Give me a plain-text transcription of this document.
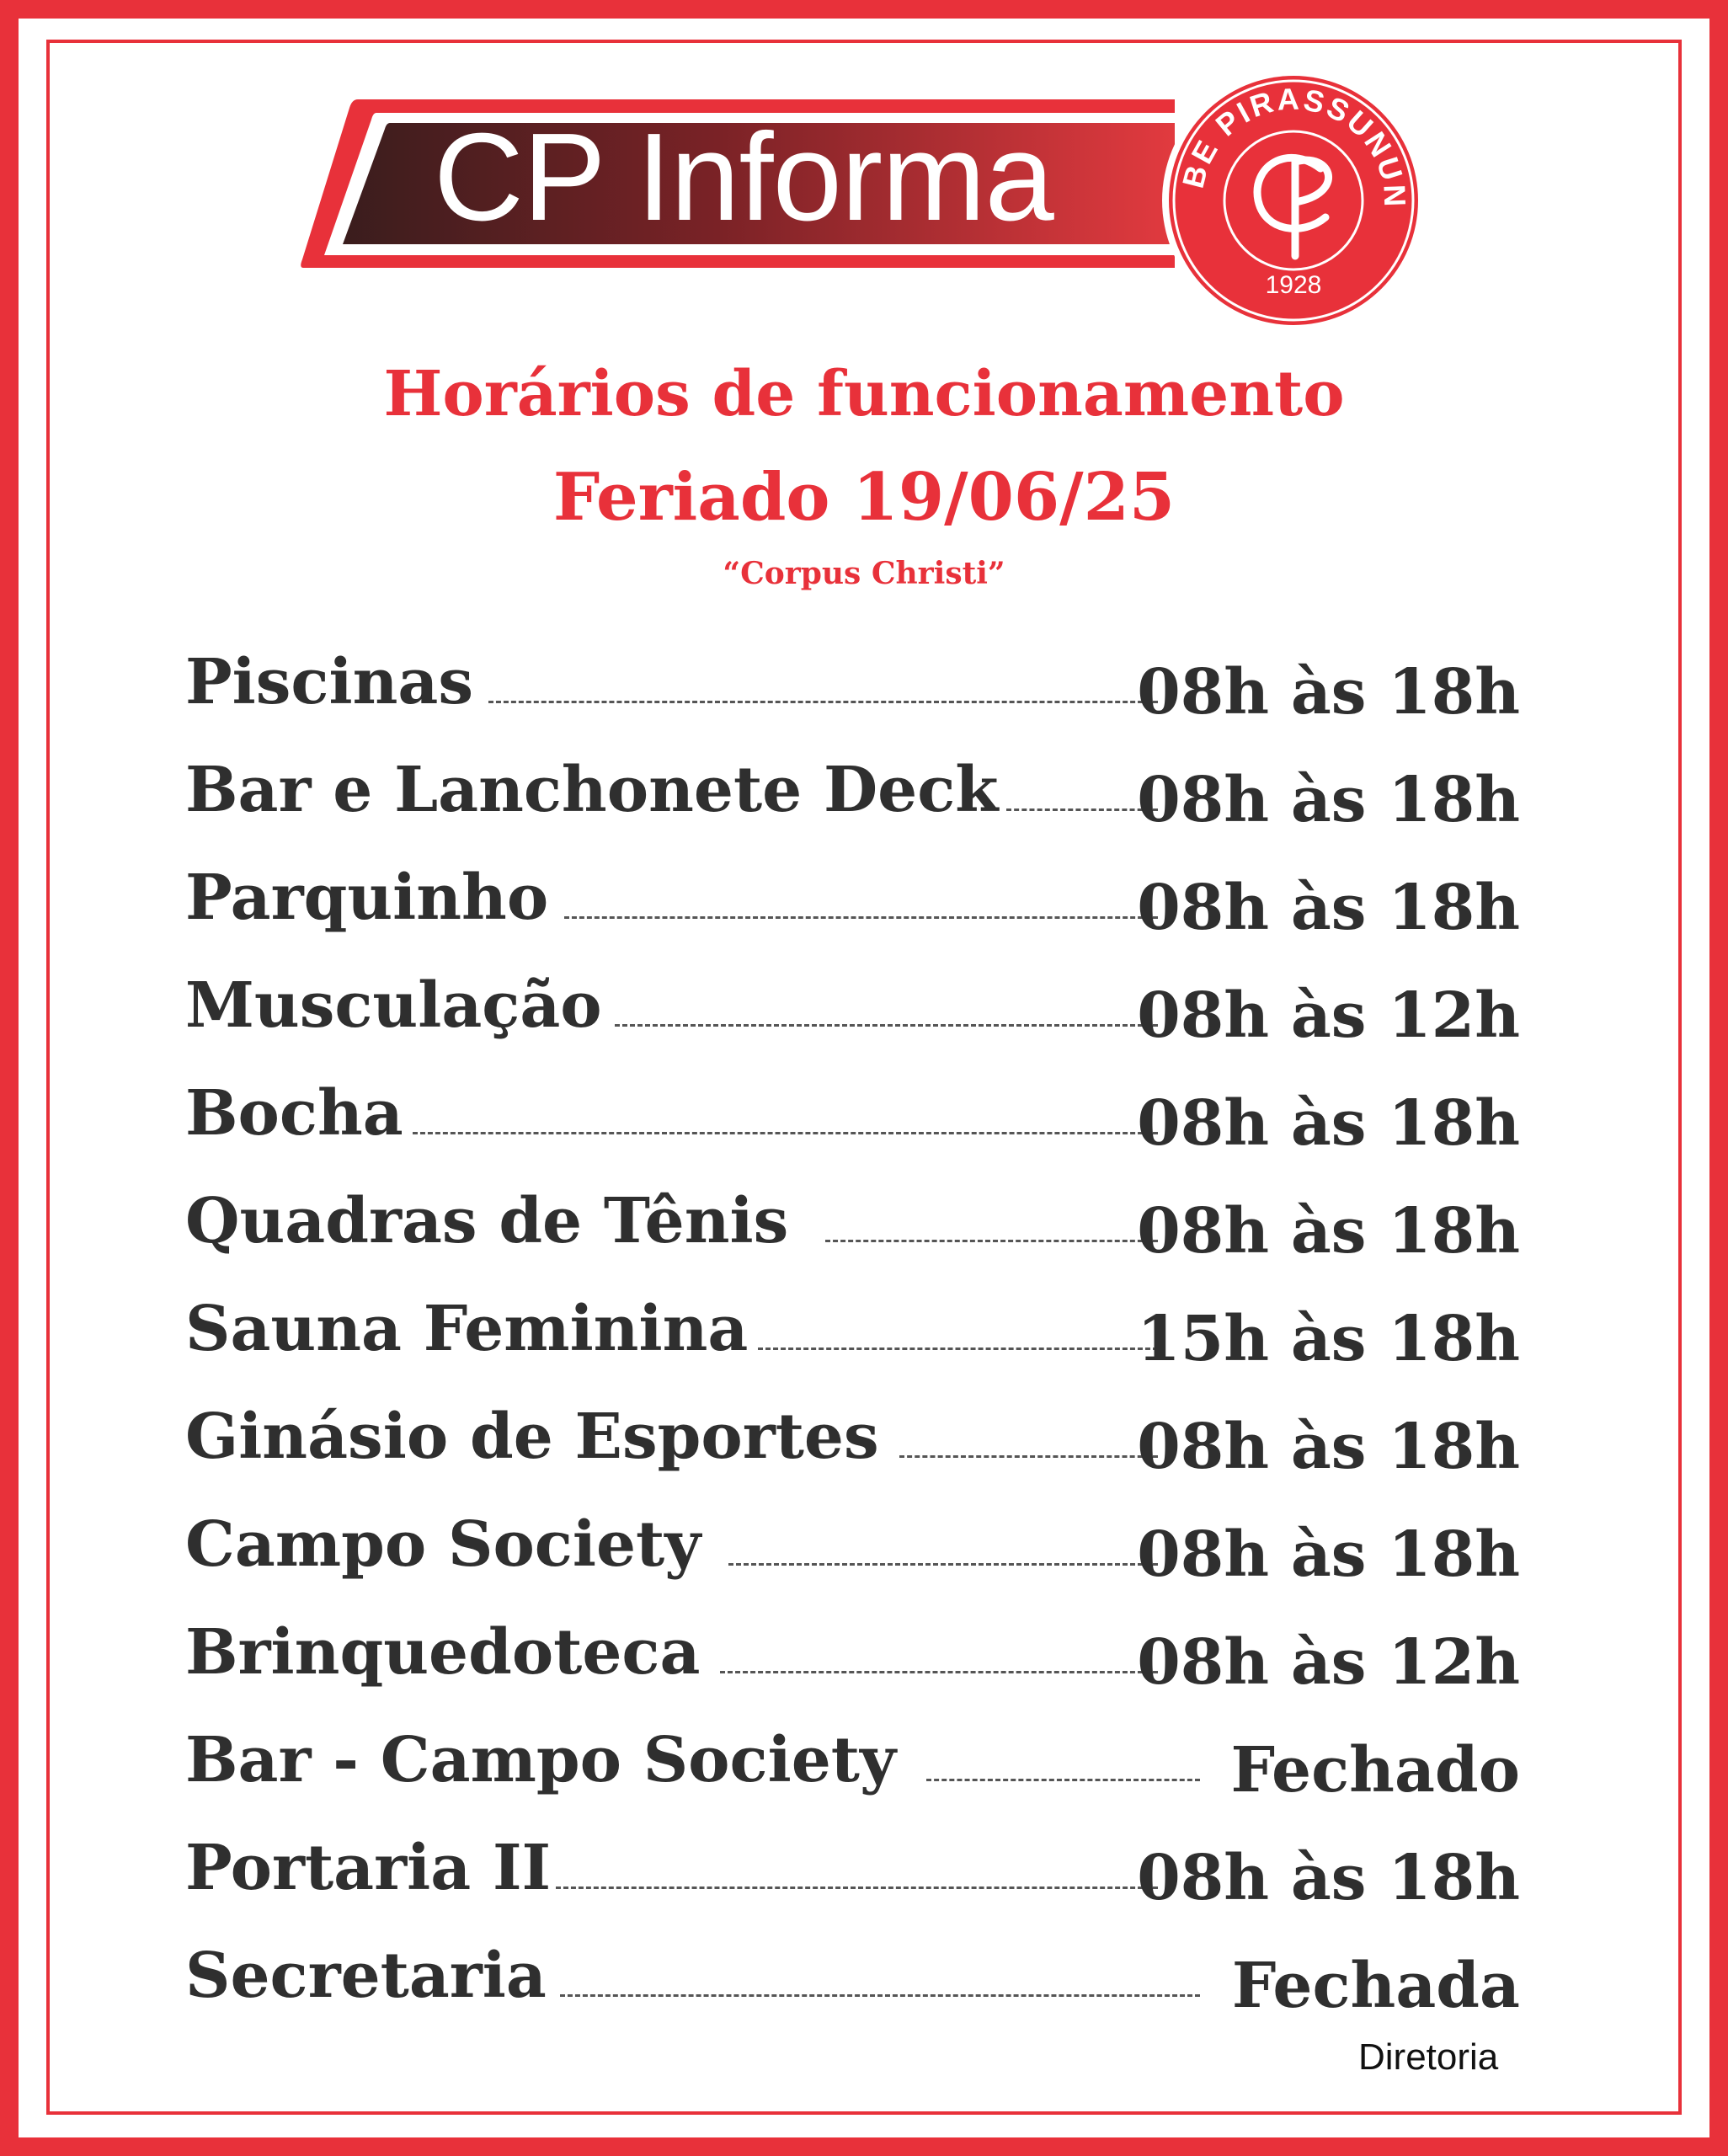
CP Informa	BE PIRASSUNUN
1928
Horários de funcionamento
Feriado 19/06/25
“Corpus Christi”
Piscinas	08h às 18h
Bar e Lanchonete Deck 08h às 18h
Parquinho	08h às 18h
Musculação	08h às 12h
Bocha	08h às 18h
Quadras de Tênis	08h às 18h
Sauna Feminina	15h às 18h
Ginásio de Esportes	08h às 18h
Campo Society	08h às 18h
Brinquedoteca	08h às 12h
Bar - Campo Society	Fechado
Portaria II	08h às 18h
Secretaria	Fechada
Diretoria
